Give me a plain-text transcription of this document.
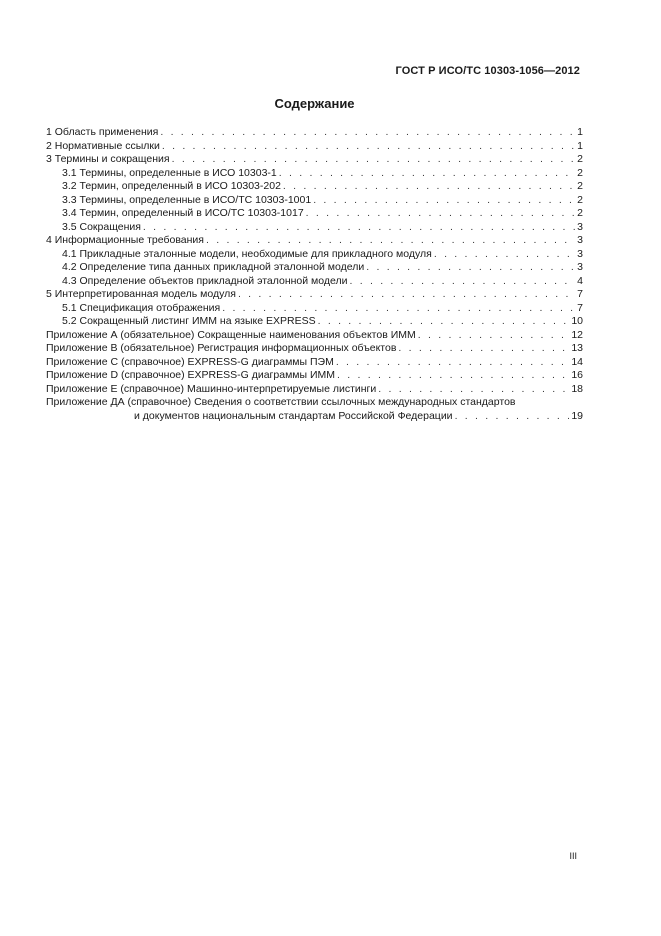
ГОСТ Р ИСО/ТС 10303-1056—2012
Содержание
1 Область применения . . .	1
2 Нормативные ссылки . . .	1
3 Термины и сокращения . . .	2
3.1 Термины, определенные в ИСО 10303-1 . . .	2
3.2 Термин, определенный в ИСО 10303-202 . . .	2
3.3 Термины, определенные в ИСО/ТС 10303-1001 . . .	2
3.4 Термин, определенный в ИСО/ТС 10303-1017 . . .	2
3.5 Сокращения . . .	3
4 Информационные требования . . .	3
4.1 Прикладные эталонные модели, необходимые для прикладного модуля . . .	3
4.2 Определение типа данных прикладной эталонной модели . . .	3
4.3 Определение объектов прикладной эталонной модели . . .	4
5 Интерпретированная модель модуля . . .	7
5.1 Спецификация отображения . . .	7
5.2 Сокращенный листинг ИММ на языке EXPRESS . . .	10
Приложение А (обязательное) Сокращенные наименования объектов ИММ . . .	12
Приложение В (обязательное) Регистрация информационных объектов . . .	13
Приложение С (справочное) EXPRESS-G диаграммы ПЭМ . . .	14
Приложение D (справочное) EXPRESS-G диаграммы ИММ . . .	16
Приложение Е (справочное) Машинно-интерпретируемые листинги . . .	18
Приложение ДА (справочное) Сведения о соответствии ссылочных международных стандартов
и документов национальным стандартам Российской Федерации . . .	19
III
